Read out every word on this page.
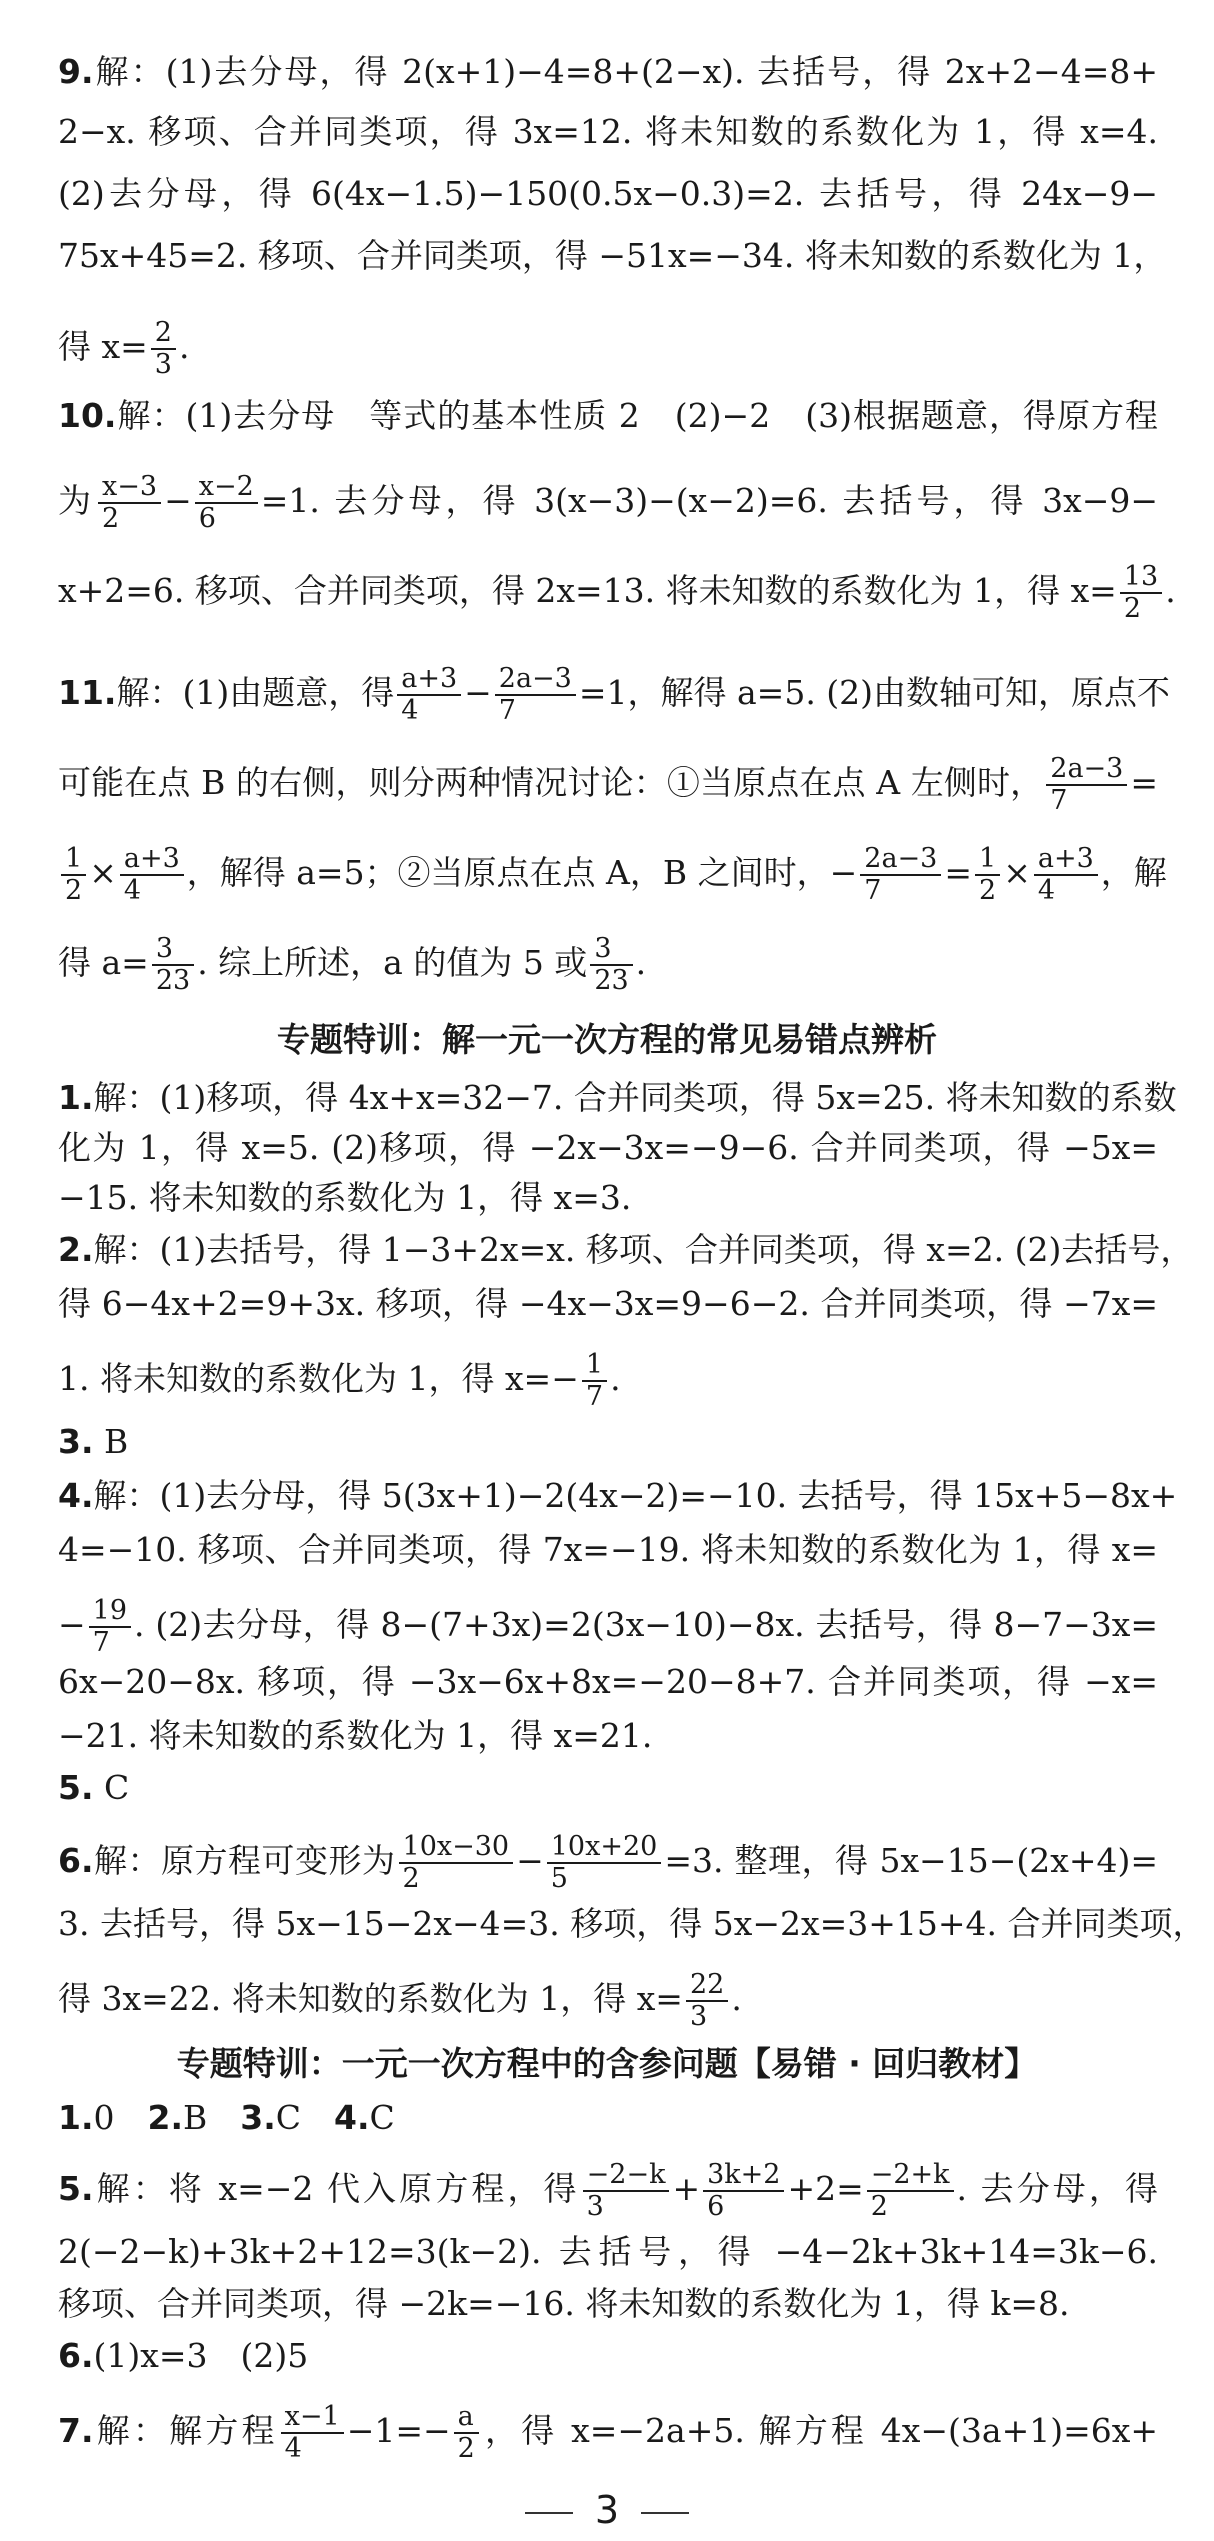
9.解：(1)去分母，得 2(x+1)−4=8+(2−x). 去括号，得 2x+2−4=8+
2−x. 移项、合并同类项，得 3x=12. 将未知数的系数化为 1，得 x=4.
(2)去分母，得 6(4x−1.5)−150(0.5x−0.3)=2. 去括号，得 24x−9−
75x+45=2. 移项、合并同类项，得 −51x=−34. 将未知数的系数化为 1，
得 $x= \frac{2}{3}$ .
10.解：(1)去分母　等式的基本性质 2　(2)−2　(3)根据题意，得原方程
为 $\frac{x-3}{2} - \frac{x-2}{6} =1$. 去分母，得 3(x−3)−(x−2)=6. 去括号，得 3x−9−
x+2=6. 移项、合并同类项，得 2x=13. 将未知数的系数化为 1，得 $x= \frac{13}{2}$ .
11.解：(1)由题意，得 $\frac{a+3}{4} - \frac{2a-3}{7} =1$，解得 a=5. (2)由数轴可知，原点不
可能在点 B 的右侧，则分两种情况讨论：①当原点在点 A 左侧时， $\frac{2a-3}{7}$ =
$\frac{1}{2} \times \frac{a+3}{4}$ ，解得 a=5；②当原点在点 A，B 之间时，− $\frac{2a-3}{7} = \frac{1}{2} \times \frac{a+3}{4}$ ，解
得 $a= \frac{3}{23}$ . 综上所述，a 的值为 5 或 $\frac{3}{23}$ .
专题特训：解一元一次方程的常见易错点辨析
1.解：(1)移项，得 4x+x=32−7. 合并同类项，得 5x=25. 将未知数的系数
化为 1，得 x=5. (2)移项，得 −2x−3x=−9−6. 合并同类项，得 −5x=
−15. 将未知数的系数化为 1，得 x=3.
2.解：(1)去括号，得 1−3+2x=x. 移项、合并同类项，得 x=2. (2)去括号，
得 6−4x+2=9+3x. 移项，得 −4x−3x=9−6−2. 合并同类项，得 −7x=
1. 将未知数的系数化为 1，得 $x=- \frac{1}{7}$ .
3. B
4.解：(1)去分母，得 5(3x+1)−2(4x−2)=−10. 去括号，得 15x+5−8x+
4=−10. 移项、合并同类项，得 7x=−19. 将未知数的系数化为 1，得 x=
− $\frac{19}{7}$ . (2)去分母，得 8−(7+3x)=2(3x−10)−8x. 去括号，得 8−7−3x=
6x−20−8x. 移项，得 −3x−6x+8x=−20−8+7. 合并同类项，得 −x=
−21. 将未知数的系数化为 1，得 x=21.
5. C
6.解：原方程可变形为 $\frac{10x-30}{2} - \frac{10x+20}{5} =3$. 整理，得 5x−15−(2x+4)=
3. 去括号，得 5x−15−2x−4=3. 移项，得 5x−2x=3+15+4. 合并同类项，
得 3x=22. 将未知数的系数化为 1，得 $x= \frac{22}{3}$ .
专题特训：一元一次方程中的含参问题【易错 · 回归教材】
1.0　 2.B　 3.C　 4.C
5.解：将 x=−2 代入原方程，得 $\frac{-2-k}{3} + \frac{3k+2}{6} +2= \frac{-2+k}{2}$ . 去分母，得
2(−2−k)+3k+2+12=3(k−2). 去括号，得 −4−2k+3k+14=3k−6.
移项、合并同类项，得 −2k=−16. 将未知数的系数化为 1，得 k=8.
6.(1)x=3　(2)5
7.解：解方程 $\frac{x-1}{4} -1=- \frac{a}{2}$ ，得 x=−2a+5. 解方程 4x−(3a+1)=6x+
3
